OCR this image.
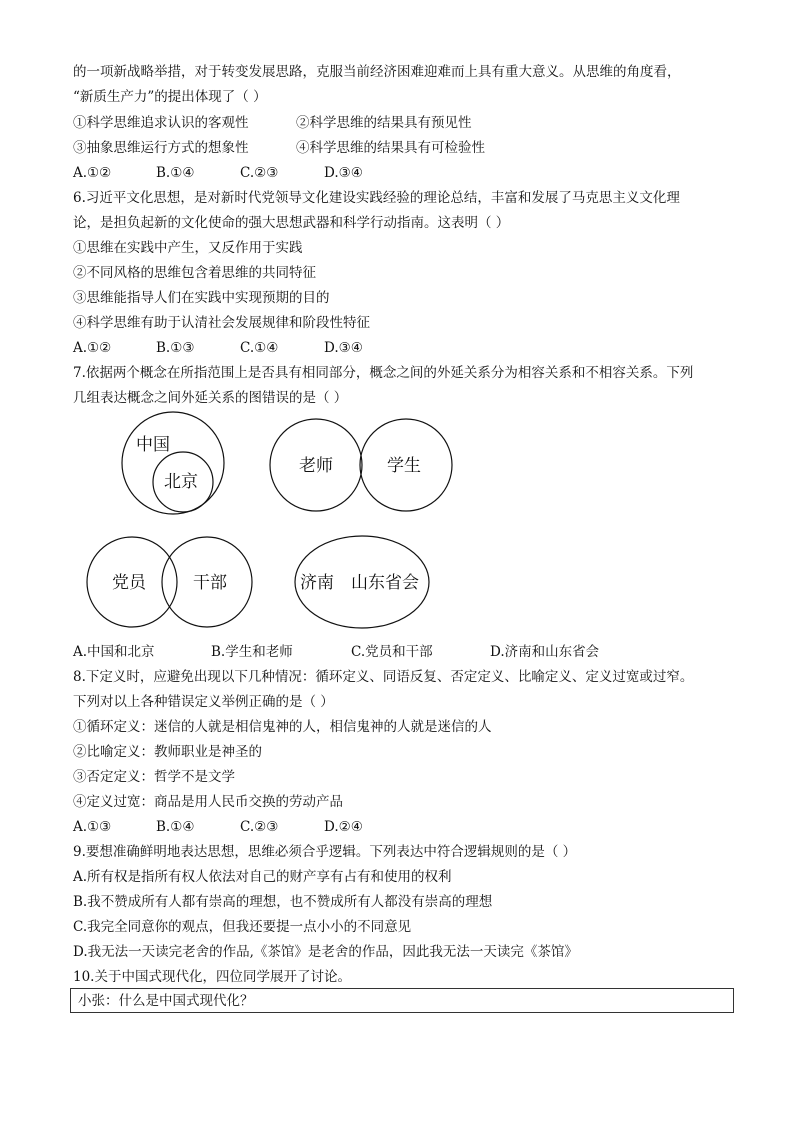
的一项新战略举措，对于转变发展思路，克服当前经济困难迎难而上具有重大意义。从思维的角度看，
“新质生产力”的提出体现了（ ）
①科学思维追求认识的客观性	②科学思维的结果具有预见性
③抽象思维运行方式的想象性	④科学思维的结果具有可检验性
A.①②	B.①④	C.②③	D.③④
6.习近平文化思想，是对新时代党领导文化建设实践经验的理论总结，丰富和发展了马克思主义文化理
论，是担负起新的文化使命的强大思想武器和科学行动指南。这表明（ ）
①思维在实践中产生，又反作用于实践
②不同风格的思维包含着思维的共同特征
③思维能指导人们在实践中实现预期的目的
④科学思维有助于认清社会发展规律和阶段性特征
A.①②	B.①③	C.①④	D.③④
7.依据两个概念在所指范围上是否具有相同部分，概念之间的外延关系分为相容关系和不相容关系。下列
几组表达概念之间外延关系的图错误的是（ ）
中国
北京
老师	学生
党员	干部	济南 山东省会
A.中国和北京	B.学生和老师	C.党员和干部	D.济南和山东省会
8.下定义时，应避免出现以下几种情况：循环定义、同语反复、否定定义、比喻定义、定义过宽或过窄。
下列对以上各种错误定义举例正确的是（ ）
①循环定义：迷信的人就是相信鬼神的人，相信鬼神的人就是迷信的人
②比喻定义：教师职业是神圣的
③否定定义：哲学不是文学
④定义过宽：商品是用人民币交换的劳动产品
A.①③	B.①④	C.②③	D.②④
9.要想准确鲜明地表达思想，思维必须合乎逻辑。下列表达中符合逻辑规则的是（ ）
A.所有权是指所有权人依法对自己的财产享有占有和使用的权利
B.我不赞成所有人都有崇高的理想，也不赞成所有人都没有崇高的理想
C.我完全同意你的观点，但我还要提一点小小的不同意见
D.我无法一天读完老舍的作品,《茶馆》是老舍的作品，因此我无法一天读完《茶馆》
10.关于中国式现代化，四位同学展开了讨论。
小张：什么是中国式现代化？
